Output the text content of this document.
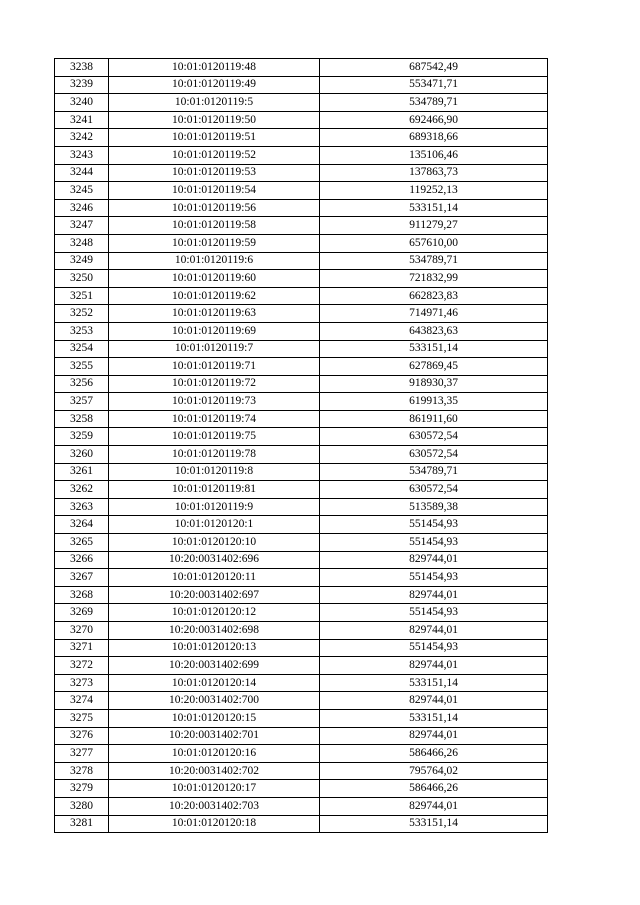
3238	10:01:0120119:48	687542,49
3239	10:01:0120119:49	553471,71
3240	10:01:0120119:5	534789,71
3241	10:01:0120119:50	692466,90
3242	10:01:0120119:51	689318,66
3243	10:01:0120119:52	135106,46
3244	10:01:0120119:53	137863,73
3245	10:01:0120119:54	119252,13
3246	10:01:0120119:56	533151,14
3247	10:01:0120119:58	911279,27
3248	10:01:0120119:59	657610,00
3249	10:01:0120119:6	534789,71
3250	10:01:0120119:60	721832,99
3251	10:01:0120119:62	662823,83
3252	10:01:0120119:63	714971,46
3253	10:01:0120119:69	643823,63
3254	10:01:0120119:7	533151,14
3255	10:01:0120119:71	627869,45
3256	10:01:0120119:72	918930,37
3257	10:01:0120119:73	619913,35
3258	10:01:0120119:74	861911,60
3259	10:01:0120119:75	630572,54
3260	10:01:0120119:78	630572,54
3261	10:01:0120119:8	534789,71
3262	10:01:0120119:81	630572,54
3263	10:01:0120119:9	513589,38
3264	10:01:0120120:1	551454,93
3265	10:01:0120120:10	551454,93
3266	10:20:0031402:696	829744,01
3267	10:01:0120120:11	551454,93
3268	10:20:0031402:697	829744,01
3269	10:01:0120120:12	551454,93
3270	10:20:0031402:698	829744,01
3271	10:01:0120120:13	551454,93
3272	10:20:0031402:699	829744,01
3273	10:01:0120120:14	533151,14
3274	10:20:0031402:700	829744,01
3275	10:01:0120120:15	533151,14
3276	10:20:0031402:701	829744,01
3277	10:01:0120120:16	586466,26
3278	10:20:0031402:702	795764,02
3279	10:01:0120120:17	586466,26
3280	10:20:0031402:703	829744,01
3281	10:01:0120120:18	533151,14
